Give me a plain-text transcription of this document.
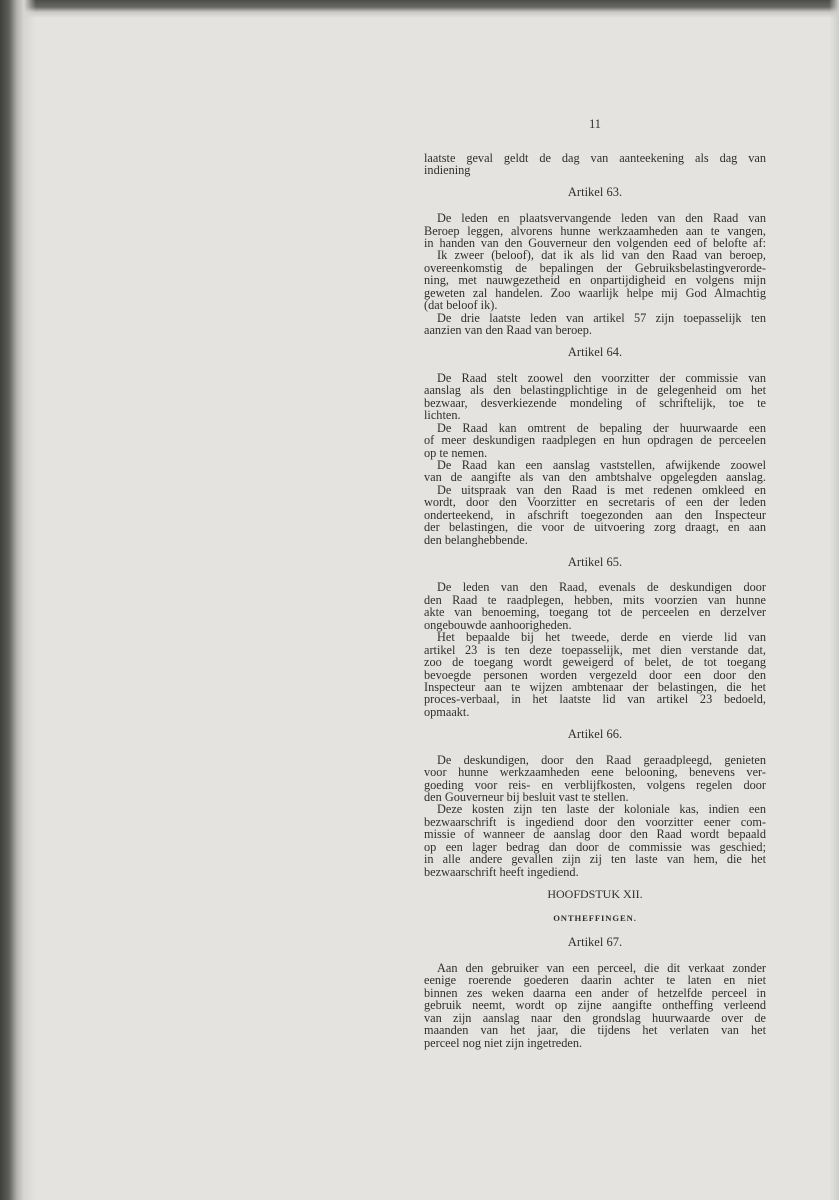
11
laatste geval geldt de dag van aanteekening als dag van
indiening
Artikel 63.
De leden en plaatsvervangende leden van den Raad van
Beroep leggen, alvorens hunne werkzaamheden aan te vangen,
in handen van den Gouverneur den volgenden eed of belofte af:
Ik zweer (beloof), dat ik als lid van den Raad van beroep,
overeenkomstig de bepalingen der Gebruiksbelastingverorde-
ning, met nauwgezetheid en onpartijdigheid en volgens mijn
geweten zal handelen. Zoo waarlijk helpe mij God Almachtig
(dat beloof ik).
De drie laatste leden van artikel 57 zijn toepasselijk ten
aanzien van den Raad van beroep.
Artikel 64.
De Raad stelt zoowel den voorzitter der commissie van
aanslag als den belastingplichtige in de gelegenheid om het
bezwaar, desverkiezende mondeling of schriftelijk, toe te
lichten.
De Raad kan omtrent de bepaling der huurwaarde een
of meer deskundigen raadplegen en hun opdragen de perceelen
op te nemen.
De Raad kan een aanslag vaststellen, afwijkende zoowel
van de aangifte als van den ambtshalve opgelegden aanslag.
De uitspraak van den Raad is met redenen omkleed en
wordt, door den Voorzitter en secretaris of een der leden
onderteekend, in afschrift toegezonden aan den Inspecteur
der belastingen, die voor de uitvoering zorg draagt, en aan
den belanghebbende.
Artikel 65.
De leden van den Raad, evenals de deskundigen door
den Raad te raadplegen, hebben, mits voorzien van hunne
akte van benoeming, toegang tot de perceelen en derzelver
ongebouwde aanhoorigheden.
Het bepaalde bij het tweede, derde en vierde lid van
artikel 23 is ten deze toepasselijk, met dien verstande dat,
zoo de toegang wordt geweigerd of belet, de tot toegang
bevoegde personen worden vergezeld door een door den
Inspecteur aan te wijzen ambtenaar der belastingen, die het
proces-verbaal, in het laatste lid van artikel 23 bedoeld,
opmaakt.
Artikel 66.
De deskundigen, door den Raad geraadpleegd, genieten
voor hunne werkzaamheden eene belooning, benevens ver-
goeding voor reis- en verblijfkosten, volgens regelen door
den Gouverneur bij besluit vast te stellen.
Deze kosten zijn ten laste der koloniale kas, indien een
bezwaarschrift is ingediend door den voorzitter eener com-
missie of wanneer de aanslag door den Raad wordt bepaald
op een lager bedrag dan door de commissie was geschied;
in alle andere gevallen zijn zij ten laste van hem, die het
bezwaarschrift heeft ingediend.
HOOFDSTUK XII.
ONTHEFFINGEN.
Artikel 67.
Aan den gebruiker van een perceel, die dit verkaat zonder
eenige roerende goederen daarin achter te laten en niet
binnen zes weken daarna een ander of hetzelfde perceel in
gebruik neemt, wordt op zijne aangifte ontheffing verleend
van zijn aanslag naar den grondslag huurwaarde over de
maanden van het jaar, die tijdens het verlaten van het
perceel nog niet zijn ingetreden.
